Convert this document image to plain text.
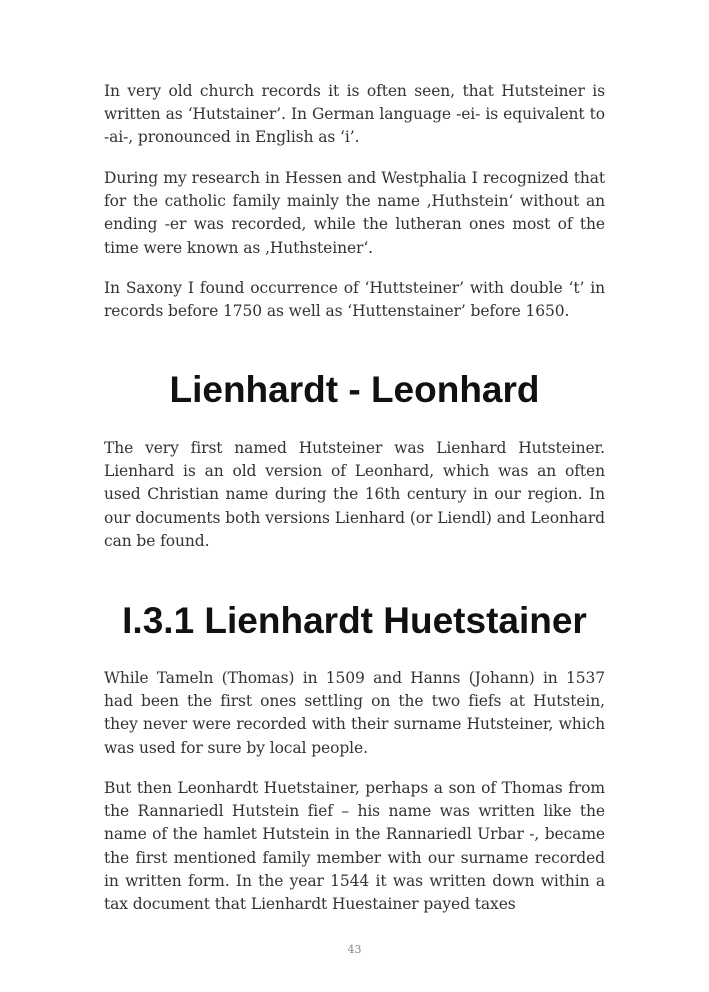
In very old church records it is often seen, that Hutsteiner is written as ‘Hutstainer’. In German language -ei- is equivalent to -ai-, pronounced in English as ‘i’.

During my research in Hessen and Westphalia I recognized that for the catholic family mainly the name ‚Huthstein‘ without an ending -er was recorded, while the lutheran ones most of the time were known as ‚Huthsteiner‘.

In Saxony I found occurrence of ‘Huttsteiner’ with double ‘t’ in records before 1750 as well as ‘Huttenstainer’ before 1650.

Lienhardt - Leonhard

The very first named Hutsteiner was Lienhard Hutsteiner. Lienhard is an old version of Leonhard, which was an often used Christian name during the 16th century in our region. In our documents both versions Lienhard (or Liendl) and Leonhard can be found.

I.3.1 Lienhardt Huetstainer

While Tameln (Thomas) in 1509 and Hanns (Johann) in 1537 had been the first ones settling on the two fiefs at Hutstein, they never were recorded with their surname Hutsteiner, which was used for sure by local people.

But then Leonhardt Huetstainer, perhaps a son of Thomas from the Rannariedl Hutstein fief – his name was written like the name of the hamlet Hutstein in the Rannariedl Urbar -, became the first mentioned family member with our surname recorded in written form. In the year 1544 it was written down within a tax document that Lienhardt Huestainer payed taxes

43
